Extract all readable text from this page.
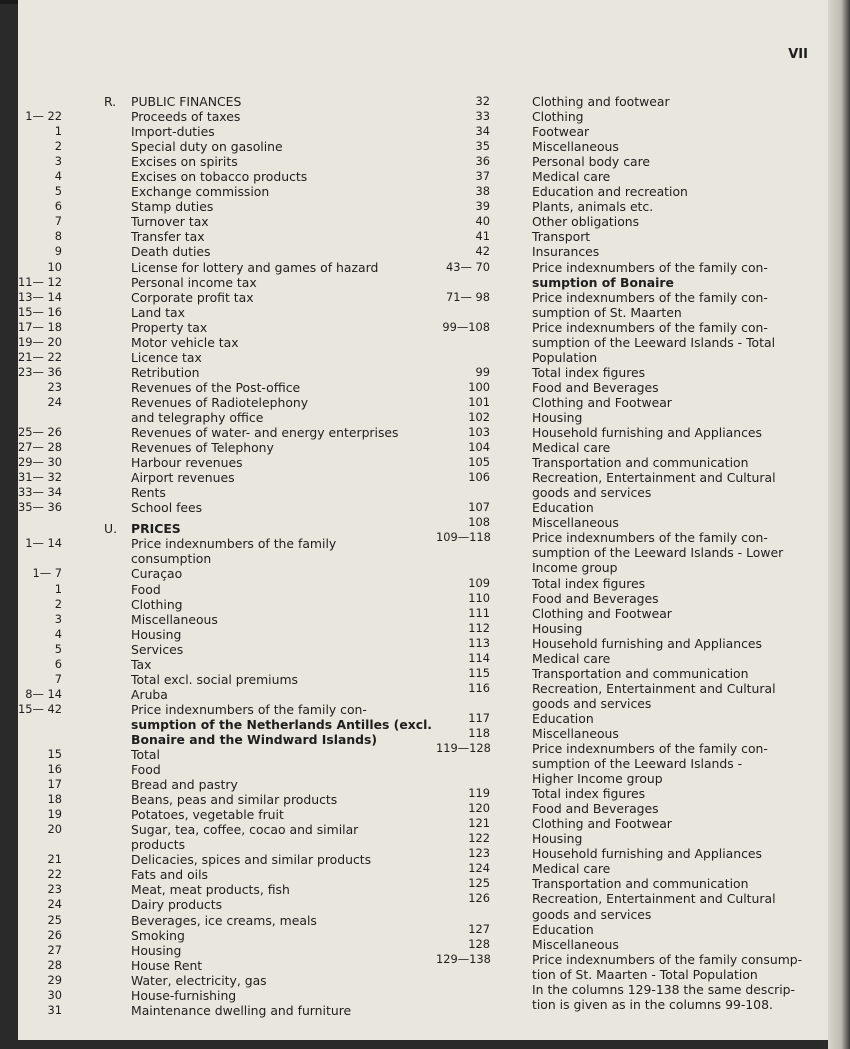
VII
R. PUBLIC FINANCES
1— 22	Proceeds of taxes
1	Import-duties
2	Special duty on gasoline
3	Excises on spirits
4	Excises on tobacco products
5	Exchange commission
6	Stamp duties
7	Turnover tax
8	Transfer tax
9	Death duties
10	License for lottery and games of hazard
11— 12	Personal income tax
13— 14	Corporate profit tax
15— 16	Land tax
17— 18	Property tax
19— 20	Motor vehicle tax
21— 22	Licence tax
23— 36	Retribution
23	Revenues of the Post-office
24	Revenues of Radiotelephony
and telegraphy office
25— 26	Revenues of water- and energy enterprises
27— 28	Revenues of Telephony
29— 30	Harbour revenues
31— 32	Airport revenues
33— 34	Rents
35— 36	School fees
U. PRICES
1— 14	Price indexnumbers of the family
consumption
1— 7	Curaçao
1	Food
2	Clothing
3	Miscellaneous
4	Housing
5	Services
6	Tax
7	Total excl. social premiums
8— 14	Aruba
15— 42	Price indexnumbers of the family con-
sumption of the Netherlands Antilles (excl.
Bonaire and the Windward Islands)
15	Total
16	Food
17	Bread and pastry
18	Beans, peas and similar products
19	Potatoes, vegetable fruit
20	Sugar, tea, coffee, cocao and similar
products
21	Delicacies, spices and similar products
22	Fats and oils
23	Meat, meat products, fish
24	Dairy products
25	Beverages, ice creams, meals
26	Smoking
27	Housing
28	House Rent
29	Water, electricity, gas
30	House-furnishing
31	Maintenance dwelling and furniture
32	Clothing and footwear
33	Clothing
34	Footwear
35	Miscellaneous
36	Personal body care
37	Medical care
38	Education and recreation
39	Plants, animals etc.
40	Other obligations
41	Transport
42	Insurances
43— 70	Price indexnumbers of the family con-
sumption of Bonaire
71— 98	Price indexnumbers of the family con-
sumption of St. Maarten
99—108	Price indexnumbers of the family con-
sumption of the Leeward Islands - Total
Population
99	Total index figures
100	Food and Beverages
101	Clothing and Footwear
102	Housing
103	Household furnishing and Appliances
104	Medical care
105	Transportation and communication
106	Recreation, Entertainment and Cultural
goods and services
107	Education
108	Miscellaneous
109—118	Price indexnumbers of the family con-
sumption of the Leeward Islands - Lower
Income group
109	Total index figures
110	Food and Beverages
111	Clothing and Footwear
112	Housing
113	Household furnishing and Appliances
114	Medical care
115	Transportation and communication
116	Recreation, Entertainment and Cultural
goods and services
117	Education
118	Miscellaneous
119—128	Price indexnumbers of the family con-
sumption of the Leeward Islands -
Higher Income group
119	Total index figures
120	Food and Beverages
121	Clothing and Footwear
122	Housing
123	Household furnishing and Appliances
124	Medical care
125	Transportation and communication
126	Recreation, Entertainment and Cultural
goods and services
127	Education
128	Miscellaneous
129—138	Price indexnumbers of the family consump-
tion of St. Maarten - Total Population
In the columns 129-138 the same descrip-
tion is given as in the columns 99-108.
